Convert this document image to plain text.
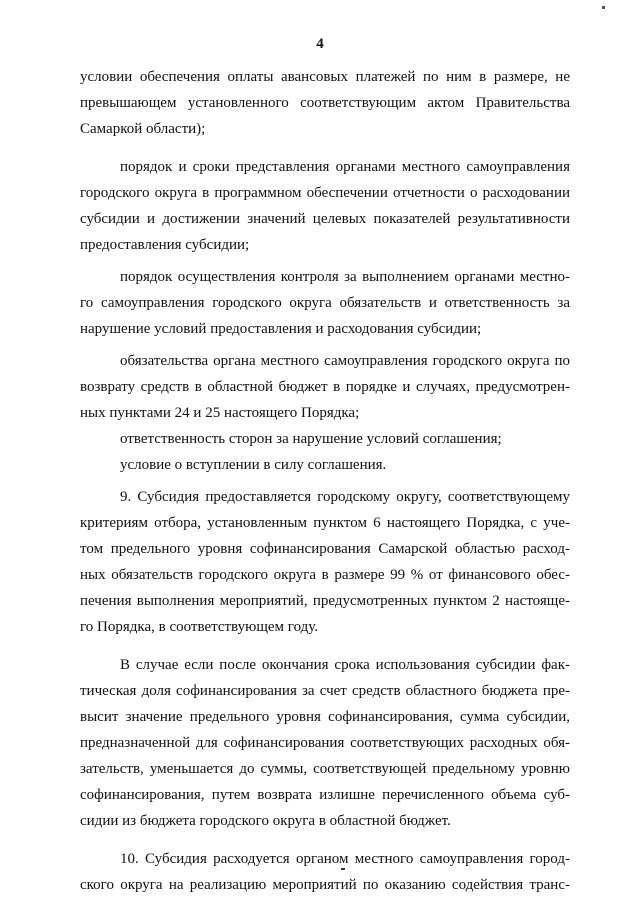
4
условии обеспечения оплаты авансовых платежей по ним в размере, не
превышающем установленного соответствующим актом Правительства
Самаркой области);
порядок и сроки представления органами местного самоуправления
городского округа в программном обеспечении отчетности о расходовании
субсидии и достижении значений целевых показателей результативности
предоставления субсидии;
порядок осуществления контроля за выполнением органами местно-
го самоуправления городского округа обязательств и ответственность за
нарушение условий предоставления и расходования субсидии;
обязательства органа местного самоуправления городского округа по
возврату средств в областной бюджет в порядке и случаях, предусмотрен-
ных пунктами 24 и 25 настоящего Порядка;
ответственность сторон за нарушение условий соглашения;
условие о вступлении в силу соглашения.
9. Субсидия предоставляется городскому округу, соответствующему
критериям отбора, установленным пунктом 6 настоящего Порядка, с уче-
том предельного уровня софинансирования Самарской областью расход-
ных обязательств городского округа в размере 99 % от финансового обес-
печения выполнения мероприятий, предусмотренных пунктом 2 настояще-
го Порядка, в соответствующем году.
В случае если после окончания срока использования субсидии фак-
тическая доля софинансирования за счет средств областного бюджета пре-
высит значение предельного уровня софинансирования, сумма субсидии,
предназначенной для софинансирования соответствующих расходных обя-
зательств, уменьшается до суммы, соответствующей предельному уровню
софинансирования, путем возврата излишне перечисленного объема суб-
сидии из бюджета городского округа в областной бюджет.
10. Субсидия расходуется органом местного самоуправления город-
ского округа на реализацию мероприятий по оказанию содействия транс-
